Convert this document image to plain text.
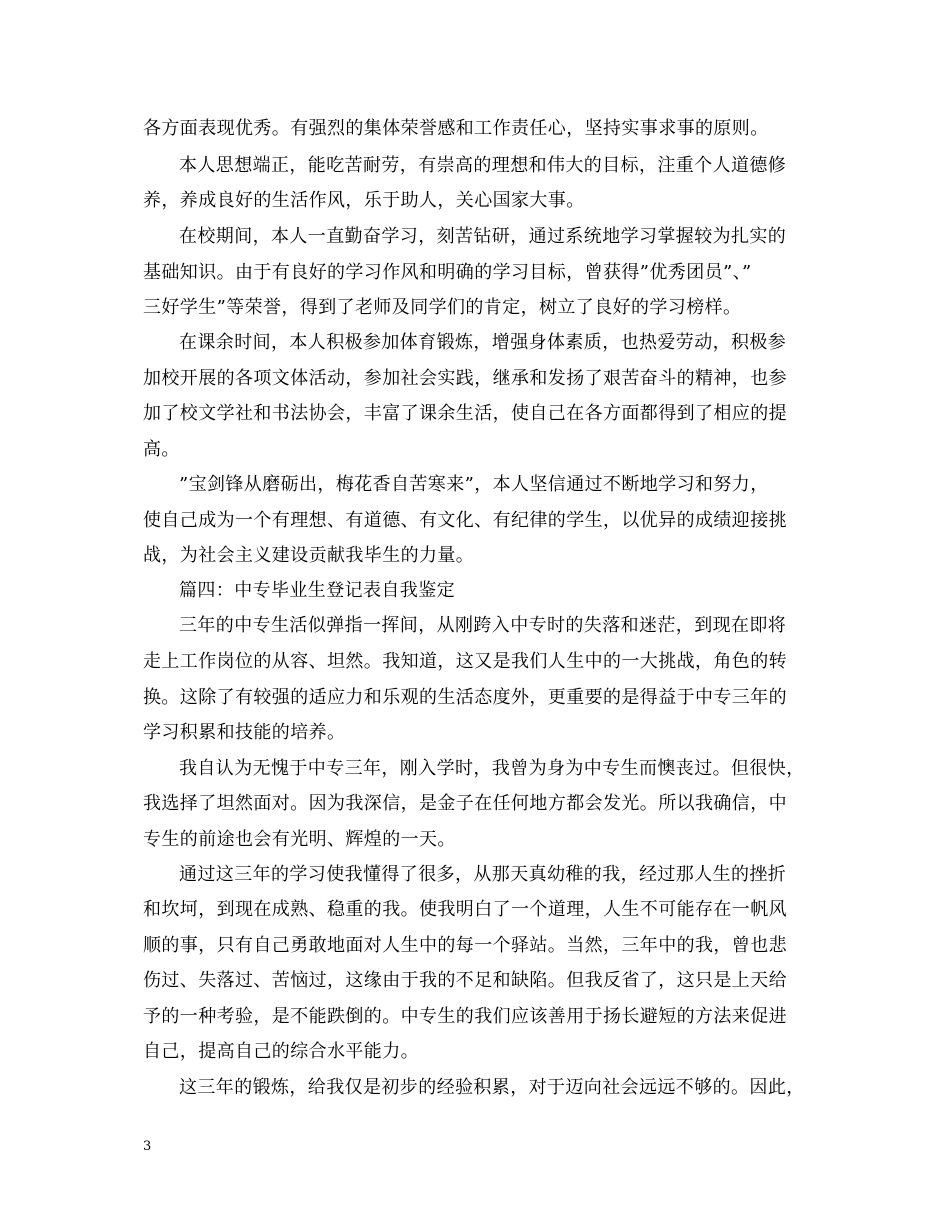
各方面表现优秀。有强烈的集体荣誉感和工作责任心，坚持实事求事的原则。
本人思想端正，能吃苦耐劳，有崇高的理想和伟大的目标，注重个人道德修
养，养成良好的生活作风，乐于助人，关心国家大事。
在校期间，本人一直勤奋学习，刻苦钻研，通过系统地学习掌握较为扎实的
基础知识。由于有良好的学习作风和明确的学习目标，曾获得”优秀团员”、”
三好学生”等荣誉，得到了老师及同学们的肯定，树立了良好的学习榜样。
在课余时间，本人积极参加体育锻炼，增强身体素质，也热爱劳动，积极参
加校开展的各项文体活动，参加社会实践，继承和发扬了艰苦奋斗的精神，也参
加了校文学社和书法协会，丰富了课余生活，使自己在各方面都得到了相应的提
高。
”宝剑锋从磨砺出，梅花香自苦寒来”，本人坚信通过不断地学习和努力，
使自己成为一个有理想、有道德、有文化、有纪律的学生，以优异的成绩迎接挑
战，为社会主义建设贡献我毕生的力量。
篇四：中专毕业生登记表自我鉴定
三年的中专生活似弹指一挥间，从刚跨入中专时的失落和迷茫，到现在即将
走上工作岗位的从容、坦然。我知道，这又是我们人生中的一大挑战，角色的转
换。这除了有较强的适应力和乐观的生活态度外，更重要的是得益于中专三年的
学习积累和技能的培养。
我自认为无愧于中专三年，刚入学时，我曾为身为中专生而懊丧过。但很快，
我选择了坦然面对。因为我深信，是金子在任何地方都会发光。所以我确信，中
专生的前途也会有光明、辉煌的一天。
通过这三年的学习使我懂得了很多，从那天真幼稚的我，经过那人生的挫折
和坎坷，到现在成熟、稳重的我。使我明白了一个道理，人生不可能存在一帆风
顺的事，只有自己勇敢地面对人生中的每一个驿站。当然，三年中的我，曾也悲
伤过、失落过、苦恼过，这缘由于我的不足和缺陷。但我反省了，这只是上天给
予的一种考验，是不能跌倒的。中专生的我们应该善用于扬长避短的方法来促进
自己，提高自己的综合水平能力。
这三年的锻炼，给我仅是初步的经验积累，对于迈向社会远远不够的。因此，
3
